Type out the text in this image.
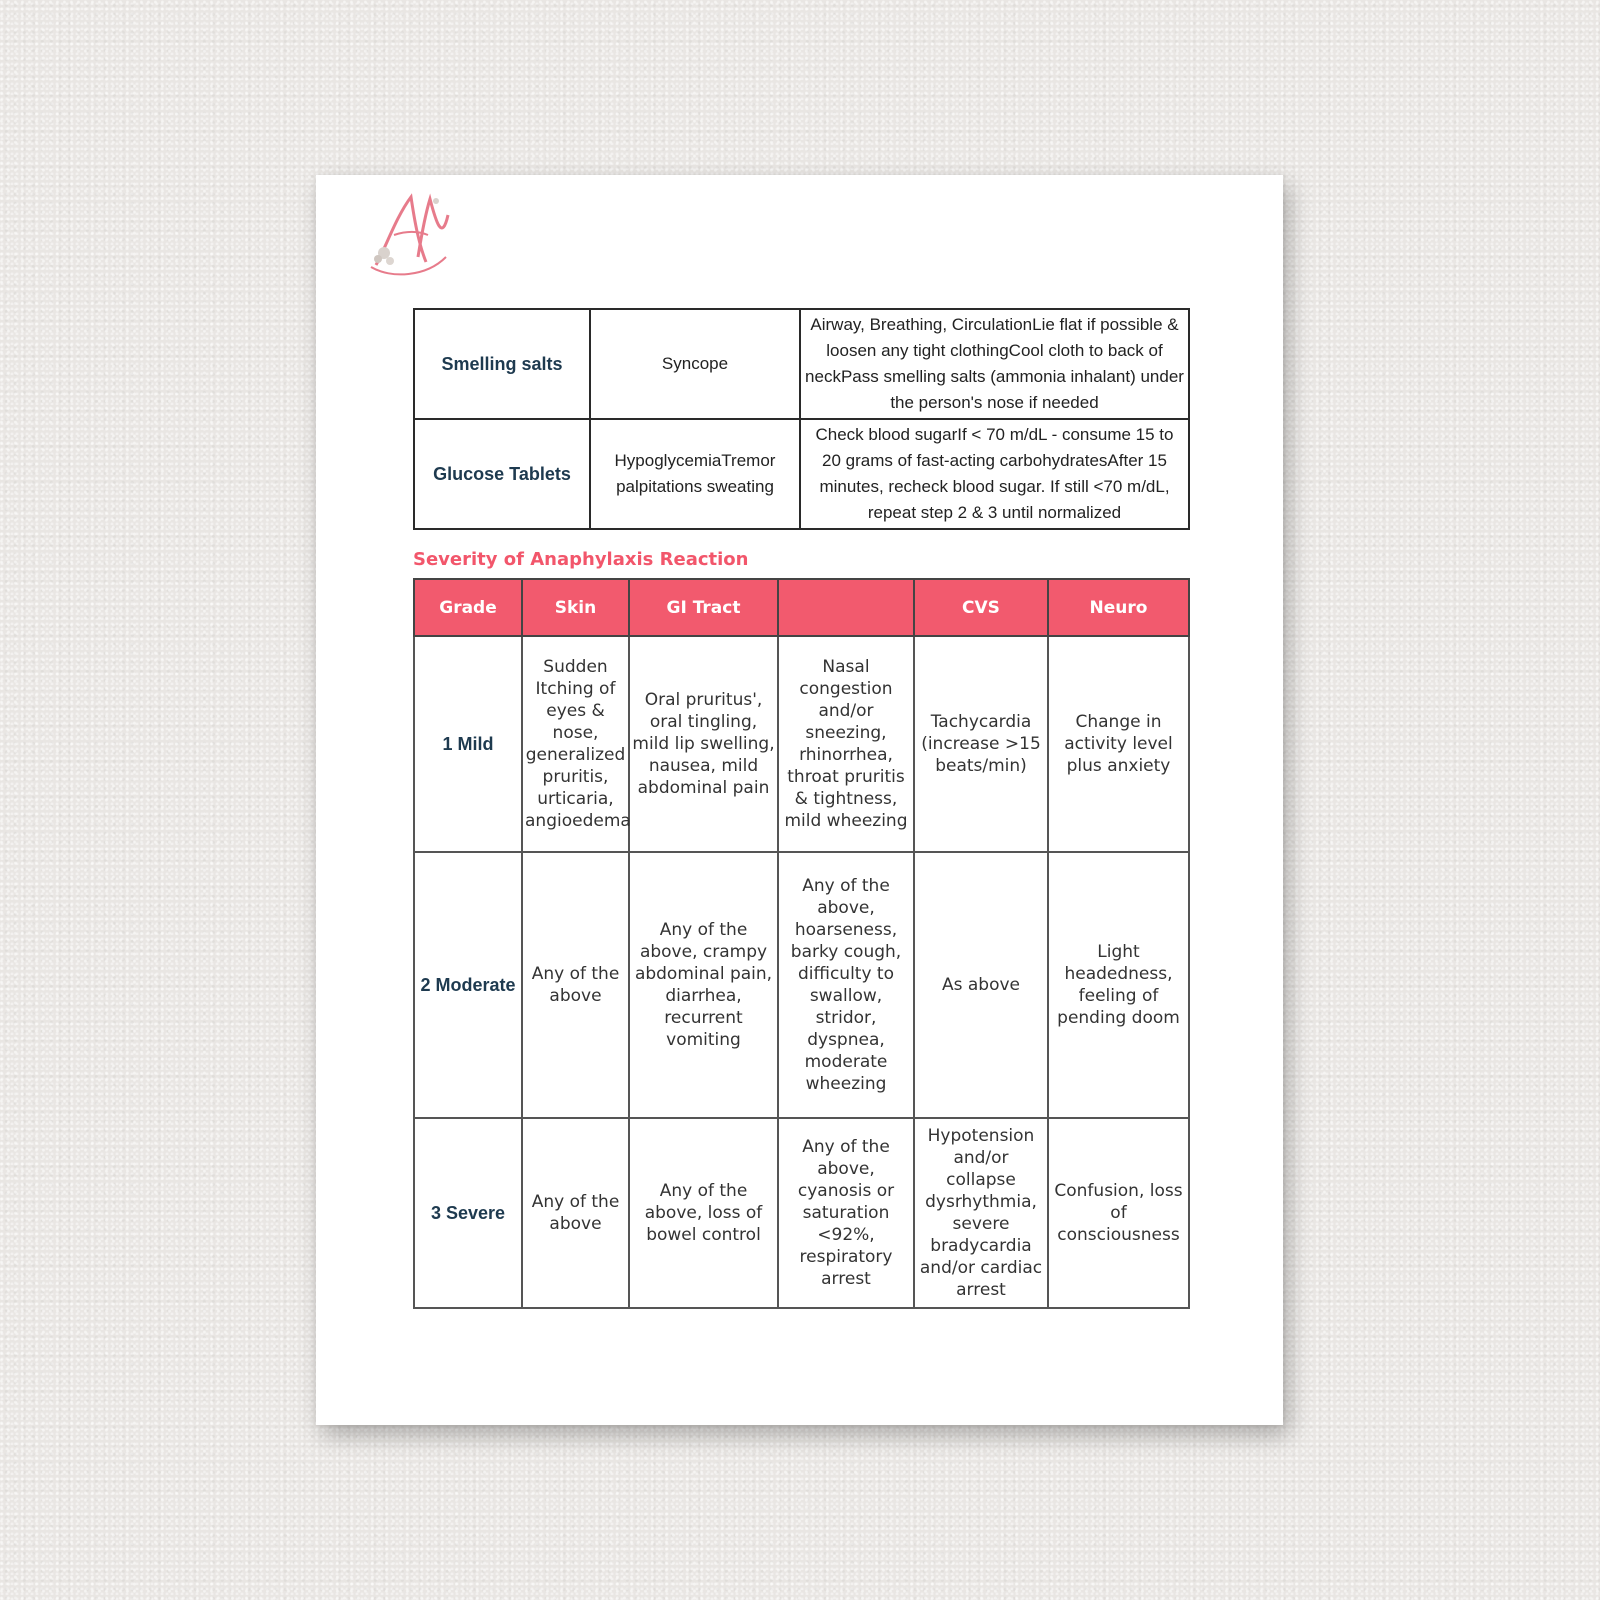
Smelling salts	Syncope	Airway, Breathing, CirculationLie flat if possible & loosen any tight clothingCool cloth to back of neckPass smelling salts (ammonia inhalant) under the person's nose if needed
Glucose Tablets	HypoglycemiaTremor palpitations sweating	Check blood sugarIf < 70 m/dL - consume 15 to 20 grams of fast-acting carbohydratesAfter 15 minutes, recheck blood sugar. If still <70 m/dL, repeat step 2 & 3 until normalized
Severity of Anaphylaxis Reaction
Grade	Skin	GI Tract		CVS	Neuro
1 Mild	Sudden Itching of eyes & nose, generalized pruritis, urticaria, angioedema	Oral pruritus', oral tingling, mild lip swelling, nausea, mild abdominal pain	Nasal congestion and/or sneezing, rhinorrhea, throat pruritis & tightness, mild wheezing	Tachycardia (increase >15 beats/min)	Change in activity level plus anxiety
2 Moderate	Any of the above	Any of the above, crampy abdominal pain, diarrhea, recurrent vomiting	Any of the above, hoarseness, barky cough, difficulty to swallow, stridor, dyspnea, moderate wheezing	As above	Light headedness, feeling of pending doom
3 Severe	Any of the above	Any of the above, loss of bowel control	Any of the above, cyanosis or saturation <92%, respiratory arrest	Hypotension and/or collapse dysrhythmia, severe bradycardia and/or cardiac arrest	Confusion, loss of consciousness
